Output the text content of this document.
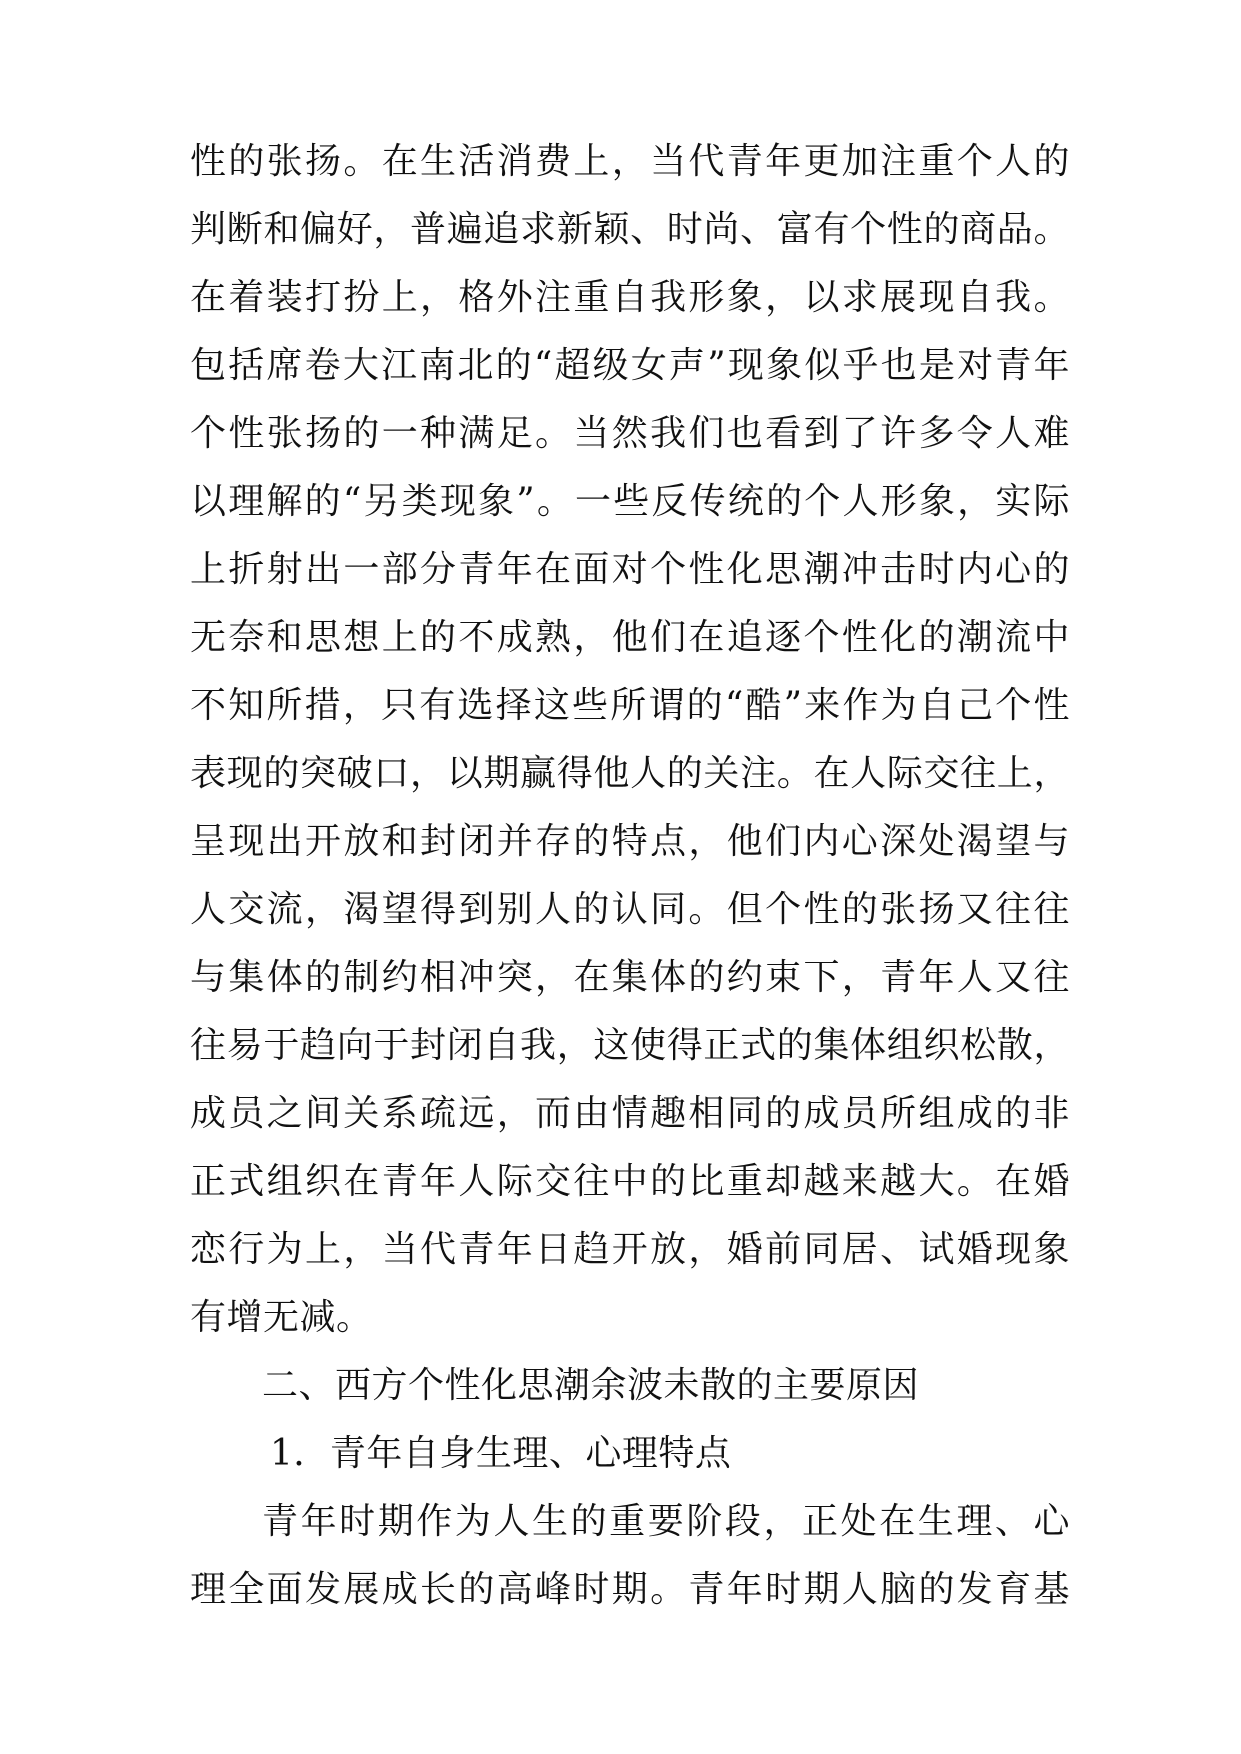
性的张扬。在生活消费上，当代青年更加注重个人的
判断和偏好，普遍追求新颖、时尚、富有个性的商品。
在着装打扮上，格外注重自我形象，以求展现自我。
包括席卷大江南北的“超级女声”现象似乎也是对青年
个性张扬的一种满足。当然我们也看到了许多令人难
以理解的“另类现象”。一些反传统的个人形象，实际
上折射出一部分青年在面对个性化思潮冲击时内心的
无奈和思想上的不成熟，他们在追逐个性化的潮流中
不知所措，只有选择这些所谓的“酷”来作为自己个性
表现的突破口，以期赢得他人的关注。在人际交往上，
呈现出开放和封闭并存的特点，他们内心深处渴望与
人交流，渴望得到别人的认同。但个性的张扬又往往
与集体的制约相冲突，在集体的约束下，青年人又往
往易于趋向于封闭自我，这使得正式的集体组织松散，
成员之间关系疏远，而由情趣相同的成员所组成的非
正式组织在青年人际交往中的比重却越来越大。在婚
恋行为上，当代青年日趋开放，婚前同居、试婚现象
有增无减。
二、西方个性化思潮余波未散的主要原因
1．青年自身生理、心理特点
青年时期作为人生的重要阶段，正处在生理、心
理全面发展成长的高峰时期。青年时期人脑的发育基
